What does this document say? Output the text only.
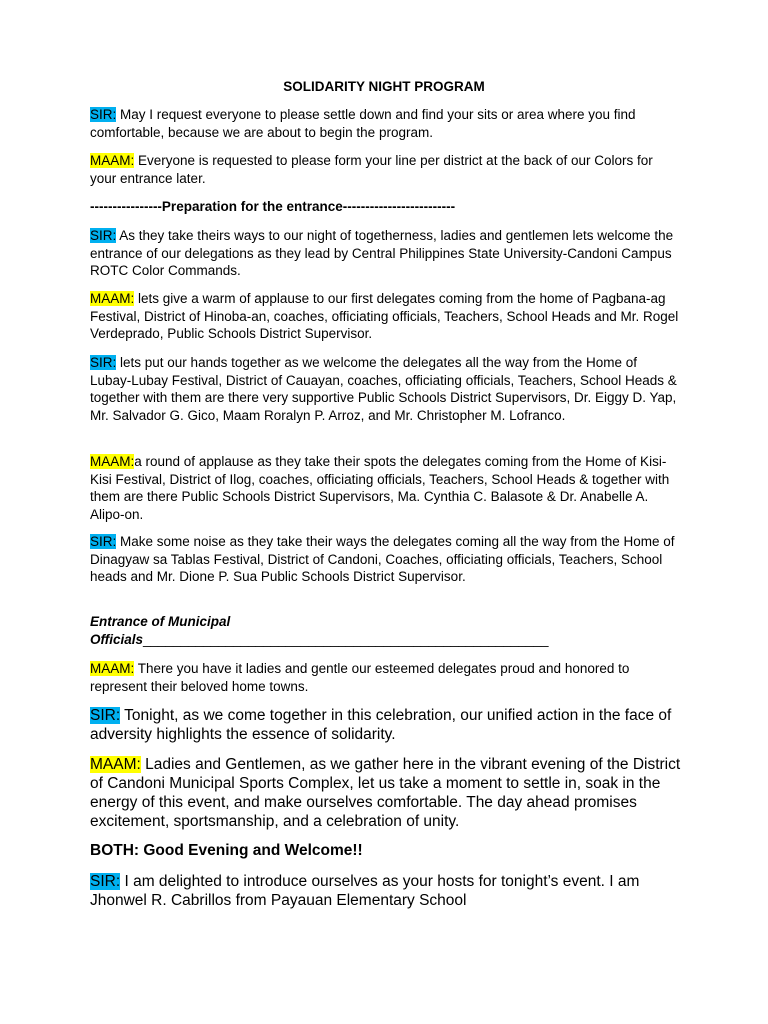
SOLIDARITY NIGHT PROGRAM

SIR: May I request everyone to please settle down and find your sits or area where you find comfortable, because we are about to begin the program.

MAAM: Everyone is requested to please form your line per district at the back of our Colors for your entrance later.

----------------Preparation for the entrance-------------------------

SIR: As they take theirs ways to our night of togetherness, ladies and gentlemen lets welcome the entrance of our delegations as they lead by Central Philippines State University-Candoni Campus ROTC Color Commands.

MAAM: lets give a warm of applause to our first delegates coming from the home of Pagbana-ag Festival, District of Hinoba-an, coaches, officiating officials, Teachers, School Heads and Mr. Rogel Verdeprado, Public Schools District Supervisor.

SIR: lets put our hands together as we welcome the delegates all the way from the Home of Lubay-Lubay Festival, District of Cauayan, coaches, officiating officials, Teachers, School Heads & together with them are there very supportive Public Schools District Supervisors, Dr. Eiggy D. Yap, Mr. Salvador G. Gico, Maam Roralyn P. Arroz, and Mr. Christopher M. Lofranco.

MAAM:a round of applause as they take their spots the delegates coming from the Home of Kisi-Kisi Festival, District of Ilog, coaches, officiating officials, Teachers, School Heads & together with them are there Public Schools District Supervisors, Ma. Cynthia C. Balasote & Dr. Anabelle A. Alipo-on.

SIR: Make some noise as they take their ways the delegates coming all the way from the Home of Dinagyaw sa Tablas Festival, District of Candoni, Coaches, officiating officials, Teachers, School heads and Mr. Dione P. Sua Public Schools District Supervisor.

Entrance of Municipal
Officials______________________________________________________

MAAM: There you have it ladies and gentle our esteemed delegates proud and honored to represent their beloved home towns.

SIR: Tonight, as we come together in this celebration, our unified action in the face of adversity highlights the essence of solidarity.

MAAM: Ladies and Gentlemen, as we gather here in the vibrant evening of the District of Candoni Municipal Sports Complex, let us take a moment to settle in, soak in the energy of this event, and make ourselves comfortable. The day ahead promises excitement, sportsmanship, and a celebration of unity.

BOTH: Good Evening and Welcome!!

SIR: I am delighted to introduce ourselves as your hosts for tonight’s event. I am Jhonwel R. Cabrillos from Payauan Elementary School
